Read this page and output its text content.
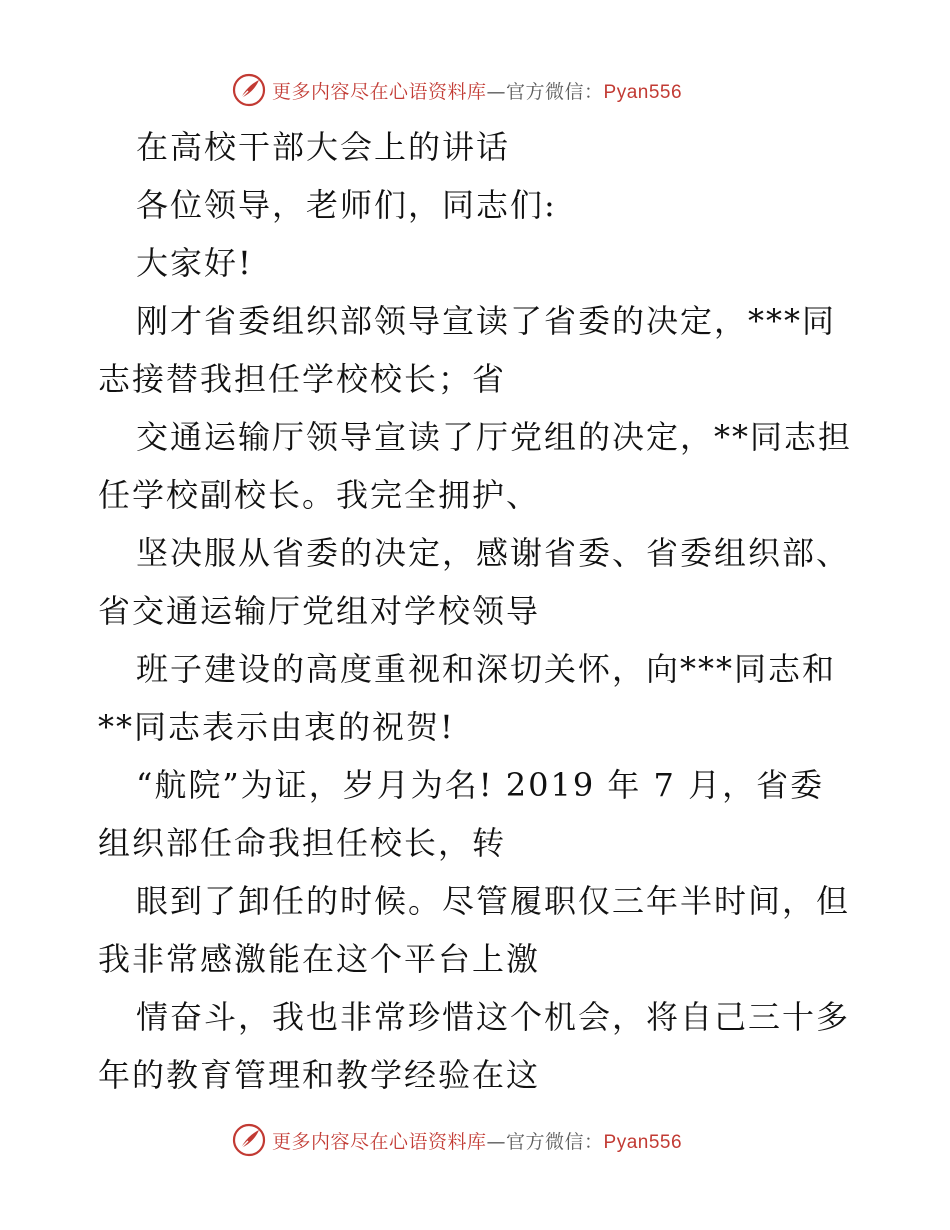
更多内容尽在心语资料库—官方微信：Pyan556
在高校干部大会上的讲话
各位领导，老师们，同志们:
大家好!
刚才省委组织部领导宣读了省委的决定，***同
志接替我担任学校校长；省
交通运输厅领导宣读了厅党组的决定，**同志担
任学校副校长。我完全拥护、
坚决服从省委的决定，感谢省委、省委组织部、
省交通运输厅党组对学校领导
班子建设的高度重视和深切关怀，向***同志和
**同志表示由衷的祝贺!
“航院”为证，岁月为名! 2019 年 7 月，省委
组织部任命我担任校长，转
眼到了卸任的时候。尽管履职仅三年半时间，但
我非常感激能在这个平台上激
情奋斗，我也非常珍惜这个机会，将自己三十多
年的教育管理和教学经验在这
更多内容尽在心语资料库—官方微信：Pyan556
